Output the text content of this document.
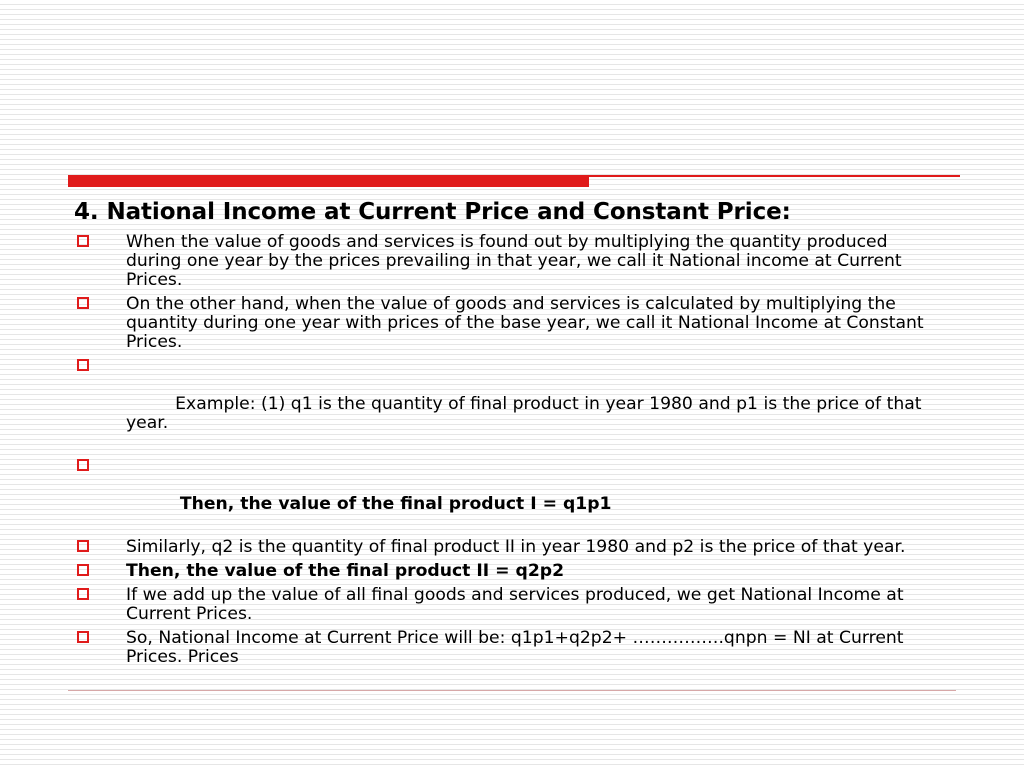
4. National Income at Current Price and Constant Price:
When the value of goods and services is found out by multiplying the quantity produced during one year by the prices prevailing in that year, we call it National income at Current Prices.
On the other hand, when the value of goods and services is calculated by multiplying the quantity during one year with prices of the base year, we call it National Income at Constant Prices.

Example: (1) q1 is the quantity of final product in year 1980 and p1 is the price of that year.

Then, the value of the final product I = q1p1

Similarly, q2 is the quantity of final product II in year 1980 and p2 is the price of that year.
Then, the value of the final product II = q2p2
If we add up the value of all final goods and services produced, we get National Income at Current Prices.
So, National Income at Current Price will be: q1p1+q2p2+ …………….qnpn = NI at Current Prices. Prices
